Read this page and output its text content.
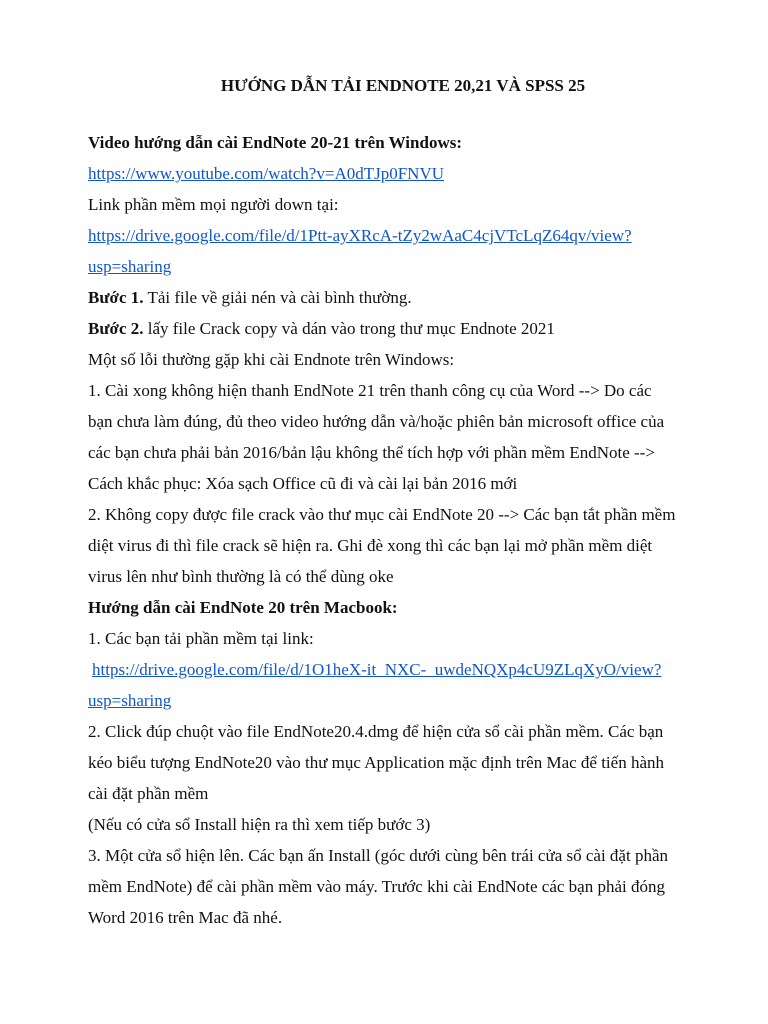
HƯỚNG DẪN TẢI ENDNOTE 20,21 VÀ SPSS 25
Video hướng dẫn cài EndNote 20-21 trên Windows:
https://www.youtube.com/watch?v=A0dTJp0FNVU
Link phần mềm mọi người down tại:
https://drive.google.com/file/d/1Ptt-ayXRcA-tZy2wAaC4cjVTcLqZ64qv/view?
usp=sharing
Bước 1. Tải file về giải nén và cài bình thường.
Bước 2. lấy file Crack copy và dán vào trong thư mục Endnote 2021
Một số lỗi thường gặp khi cài Endnote trên Windows:
1. Cài xong không hiện thanh EndNote 21 trên thanh công cụ của Word --> Do các
bạn chưa làm đúng, đủ theo video hướng dẫn và/hoặc phiên bản microsoft office của
các bạn chưa phải bản 2016/bản lậu không thể tích hợp với phần mềm EndNote -->
Cách khắc phục: Xóa sạch Office cũ đi và cài lại bản 2016 mới
2. Không copy được file crack vào thư mục cài EndNote 20 --> Các bạn tắt phần mềm
diệt virus đi thì file crack sẽ hiện ra. Ghi đè xong thì các bạn lại mở phần mềm diệt
virus lên như bình thường là có thể dùng oke
Hướng dẫn cài EndNote 20 trên Macbook:
1. Các bạn tải phần mềm tại link:
https://drive.google.com/file/d/1O1heX-it_NXC-_uwdeNQXp4cU9ZLqXyO/view?
usp=sharing
2. Click đúp chuột vào file EndNote20.4.dmg để hiện cửa sổ cài phần mềm. Các bạn
kéo biểu tượng EndNote20 vào thư mục Application mặc định trên Mac để tiến hành
cài đặt phần mềm
(Nếu có cửa sổ Install hiện ra thì xem tiếp bước 3)
3. Một cửa sổ hiện lên. Các bạn ấn Install (góc dưới cùng bên trái cửa sổ cài đặt phần
mềm EndNote) để cài phần mềm vào máy. Trước khi cài EndNote các bạn phải đóng
Word 2016 trên Mac đã nhé.
